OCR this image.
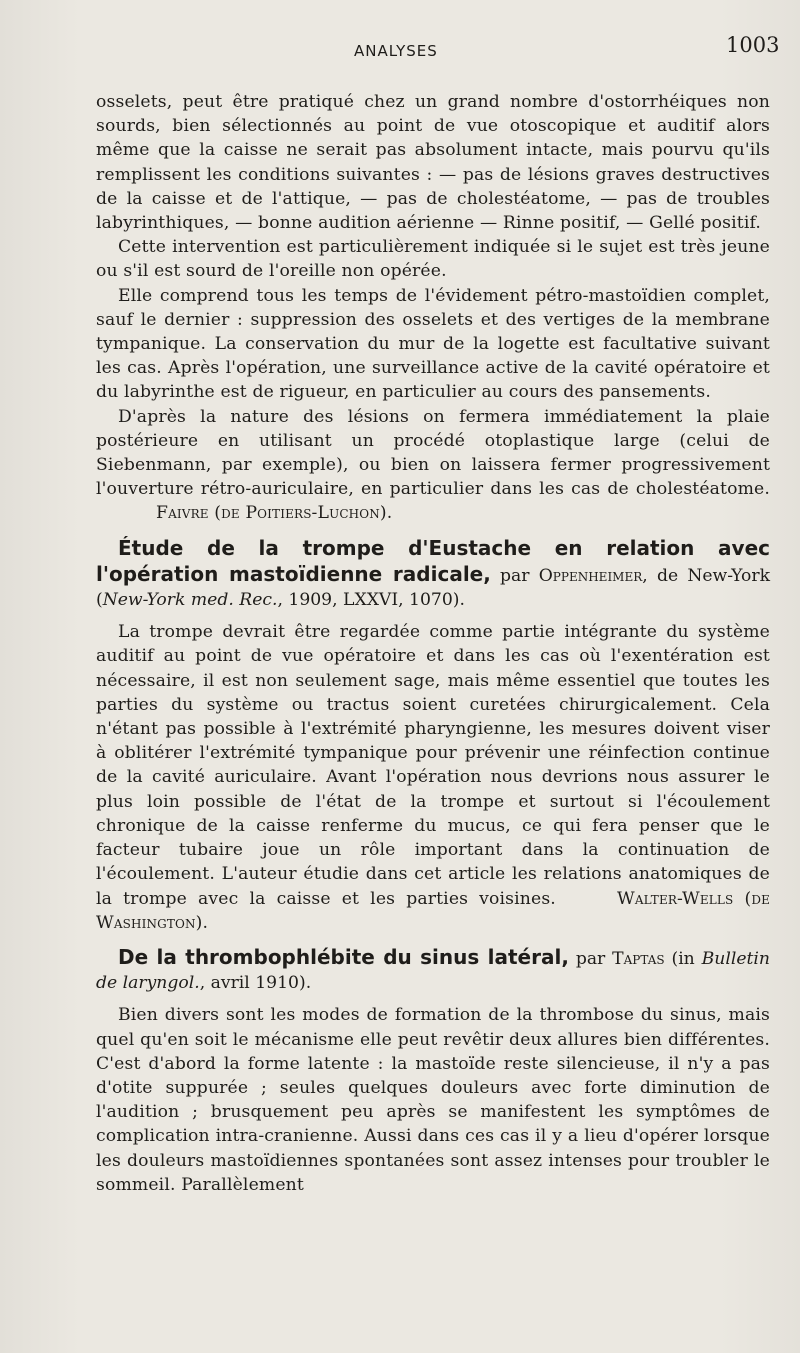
ANALYSES	1003

osselets, peut être pratiqué chez un grand nombre d'ostorrhéiques non sourds, bien sélectionnés au point de vue otoscopique et auditif alors même que la caisse ne serait pas absolument intacte, mais pourvu qu'ils remplissent les conditions suivantes : — pas de lésions graves destructives de la caisse et de l'attique, — pas de cholestéatome, — pas de troubles labyrinthiques, — bonne audition aérienne — Rinne positif, — Gellé positif.

Cette intervention est particulièrement indiquée si le sujet est très jeune ou s'il est sourd de l'oreille non opérée.

Elle comprend tous les temps de l'évidement pétro-mastoïdien complet, sauf le dernier : suppression des osselets et des vertiges de la membrane tympanique. La conservation du mur de la logette est facultative suivant les cas. Après l'opération, une surveillance active de la cavité opératoire et du labyrinthe est de rigueur, en particulier au cours des pansements.

D'après la nature des lésions on fermera immédiatement la plaie postérieure en utilisant un procédé otoplastique large (celui de Siebenmann, par exemple), ou bien on laissera fermer progressivement l'ouverture rétro-auriculaire, en particulier dans les cas de cholestéatome. Faivre (de Poitiers-Luchon).

Étude de la trompe d'Eustache en relation avec l'opération mastoïdienne radicale, par Oppenheimer, de New-York (New-York med. Rec., 1909, LXXVI, 1070).

La trompe devrait être regardée comme partie intégrante du système auditif au point de vue opératoire et dans les cas où l'exentération est nécessaire, il est non seulement sage, mais même essentiel que toutes les parties du système ou tractus soient curetées chirurgicalement. Cela n'étant pas possible à l'extrémité pharyngienne, les mesures doivent viser à oblitérer l'extrémité tympanique pour prévenir une réinfection continue de la cavité auriculaire. Avant l'opération nous devrions nous assurer le plus loin possible de l'état de la trompe et surtout si l'écoulement chronique de la caisse renferme du mucus, ce qui fera penser que le facteur tubaire joue un rôle important dans la continuation de l'écoulement. L'auteur étudie dans cet article les relations anatomiques de la trompe avec la caisse et les parties voisines.	Walter-Wells (de Washington).

De la thrombophlébite du sinus latéral, par Taptas (in Bulletin de laryngol., avril 1910).

Bien divers sont les modes de formation de la thrombose du sinus, mais quel qu'en soit le mécanisme elle peut revêtir deux allures bien différentes. C'est d'abord la forme latente : la mastoïde reste silencieuse, il n'y a pas d'otite suppurée ; seules quelques douleurs avec forte diminution de l'audition ; brusquement peu après se manifestent les symptômes de complication intra-cranienne. Aussi dans ces cas il y a lieu d'opérer lorsque les douleurs mastoïdiennes spontanées sont assez intenses pour troubler le sommeil. Parallèlement
